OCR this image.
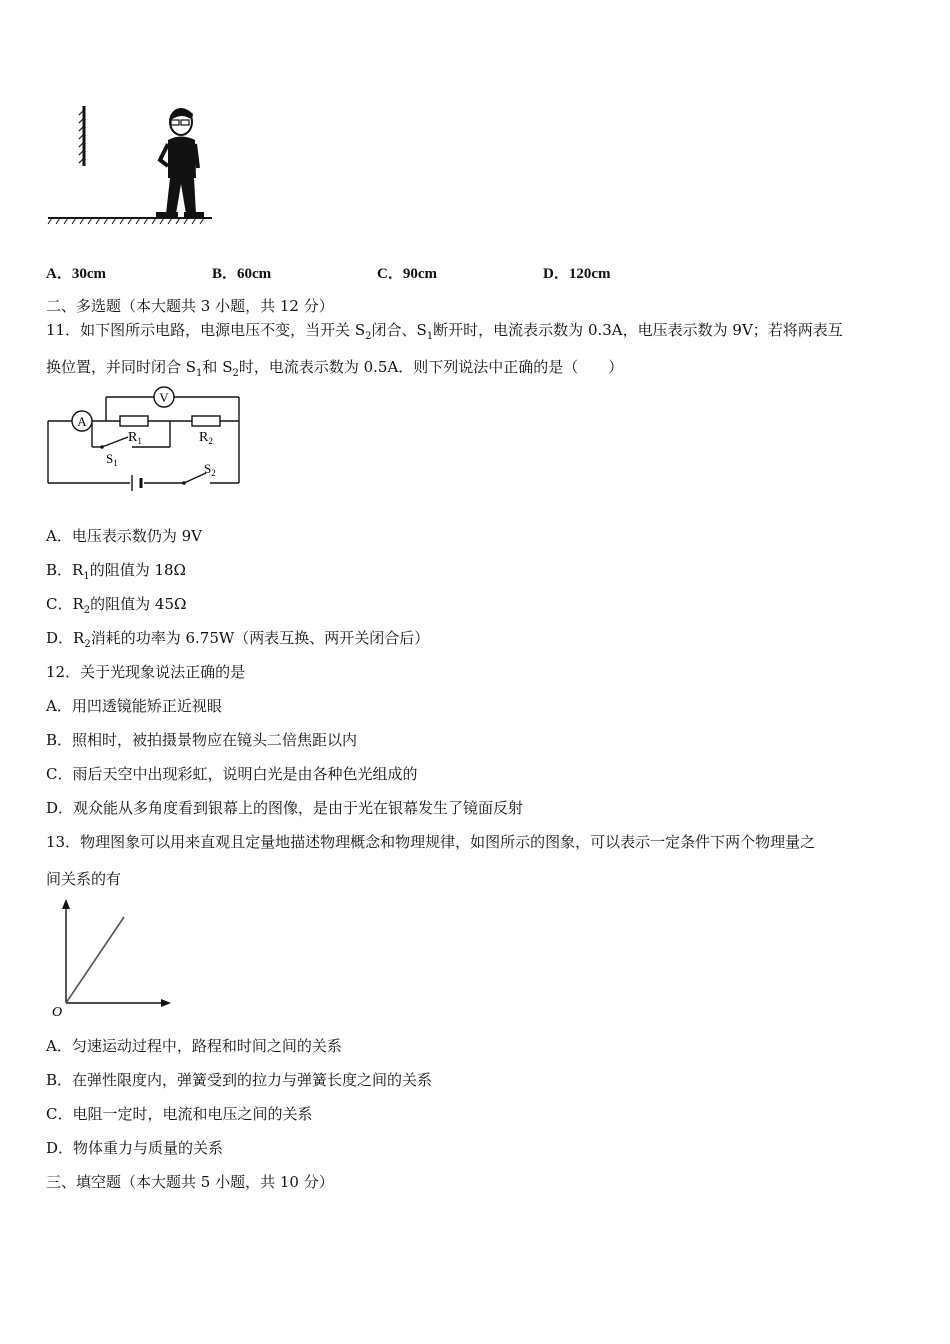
A．30cm	B．60cm	C．90cm	D．120cm
二、多选题（本大题共 3 小题，共 12 分）
11．如下图所示电路，电源电压不变，当开关 $S_2$闭合、$S_1$断开时，电流表示数为 0.3A，电压表示数为 9V；若将两表互
换位置，并同时闭合 $S_1$和 $S_2$时，电流表示数为 0.5A．则下列说法中正确的是（　　）
A
V
$R_1$	$R_2$
$S_1$	$S_2$
A．电压表示数仍为 9V
B．$R_1$的阻值为 18Ω
C．$R_2$的阻值为 45Ω
D．$R_2$消耗的功率为 6.75W（两表互换、两开关闭合后）
12．关于光现象说法正确的是
A．用凹透镜能矫正近视眼
B．照相时，被拍摄景物应在镜头二倍焦距以内
C．雨后天空中出现彩虹，说明白光是由各种色光组成的
D．观众能从多角度看到银幕上的图像，是由于光在银幕发生了镜面反射
13．物理图象可以用来直观且定量地描述物理概念和物理规律，如图所示的图象，可以表示一定条件下两个物理量之
间关系的有
O
A．匀速运动过程中，路程和时间之间的关系
B．在弹性限度内，弹簧受到的拉力与弹簧长度之间的关系
C．电阻一定时，电流和电压之间的关系
D．物体重力与质量的关系
三、填空题（本大题共 5 小题，共 10 分）
